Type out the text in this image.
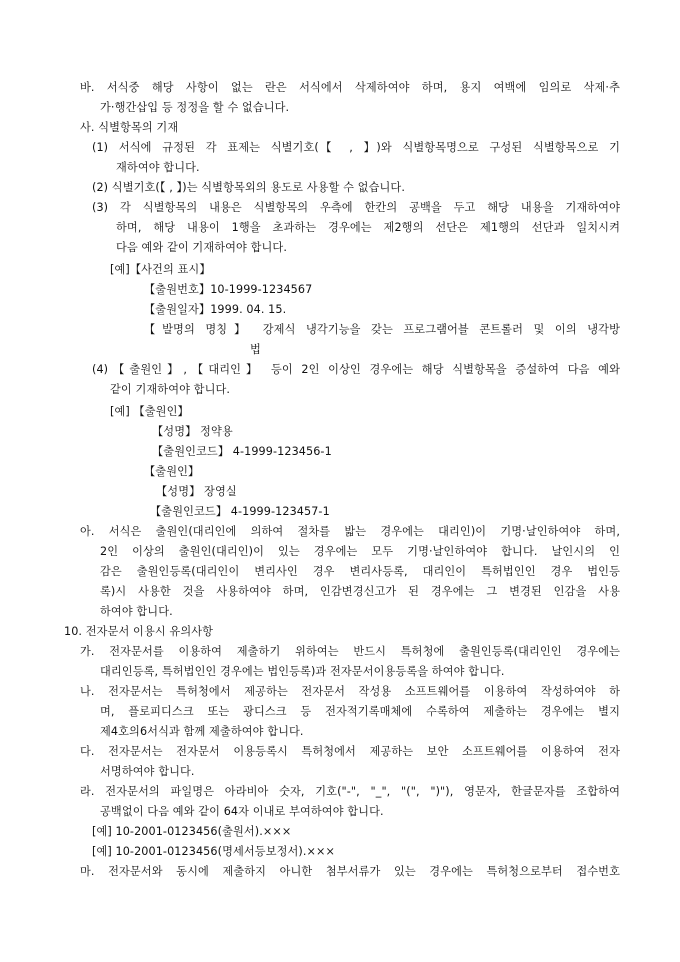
바. 서식중 해당 사항이 없는 란은 서식에서 삭제하여야 하며, 용지 여백에 임의로 삭제·추
가·행간삽입 등 정정을 할 수 없습니다.
사. 식별항목의 기재
(1) 서식에 규정된 각 표제는 식별기호(【 , 】)와 식별항목명으로 구성된 식별항목으로 기
재하여야 합니다.
(2) 식별기호(【 , 】)는 식별항목외의 용도로 사용할 수 없습니다.
(3) 각 식별항목의 내용은 식별항목의 우측에 한칸의 공백을 두고 해당 내용을 기재하여야
하며, 해당 내용이 1행을 초과하는 경우에는 제2행의 선단은 제1행의 선단과 일치시켜
다음 예와 같이 기재하여야 합니다.
[예]【사건의 표시】
【출원번호】10-1999-1234567
【출원일자】1999. 04. 15.
【발명의 명칭】 강제식 냉각기능을 갖는 프로그램어블 콘트롤러 및 이의 냉각방
법
(4)【출원인】,【대리인】 등이 2인 이상인 경우에는 해당 식별항목을 증설하여 다음 예와
같이 기재하여야 합니다.
[예] 【출원인】
【성명】 정약용
【출원인코드】 4-1999-123456-1
【출원인】
【성명】 장영실
【출원인코드】 4-1999-123457-1
아. 서식은 출원인(대리인에 의하여 절차를 밟는 경우에는 대리인)이 기명·날인하여야 하며,
2인 이상의 출원인(대리인)이 있는 경우에는 모두 기명·날인하여야 합니다. 날인시의 인
감은 출원인등록(대리인이 변리사인 경우 변리사등록, 대리인이 특허법인인 경우 법인등
록)시 사용한 것을 사용하여야 하며, 인감변경신고가 된 경우에는 그 변경된 인감을 사용
하여야 합니다.
10. 전자문서 이용시 유의사항
가. 전자문서를 이용하여 제출하기 위하여는 반드시 특허청에 출원인등록(대리인인 경우에는
대리인등록, 특허법인인 경우에는 법인등록)과 전자문서이용등록을 하여야 합니다.
나. 전자문서는 특허청에서 제공하는 전자문서 작성용 소프트웨어를 이용하여 작성하여야 하
며, 플로피디스크 또는 광디스크 등 전자적기록매체에 수록하여 제출하는 경우에는 별지
제4호의6서식과 함께 제출하여야 합니다.
다. 전자문서는 전자문서 이용등록시 특허청에서 제공하는 보안 소프트웨어를 이용하여 전자
서명하여야 합니다.
라. 전자문서의 파일명은 아라비아 숫자, 기호("-", "_", "(", ")"), 영문자, 한글문자를 조합하여
공백없이 다음 예와 같이 64자 이내로 부여하여야 합니다.
[예] 10-2001-0123456(출원서).×××
[예] 10-2001-0123456(명세서등보정서).×××
마. 전자문서와 동시에 제출하지 아니한 첨부서류가 있는 경우에는 특허청으로부터 접수번호
